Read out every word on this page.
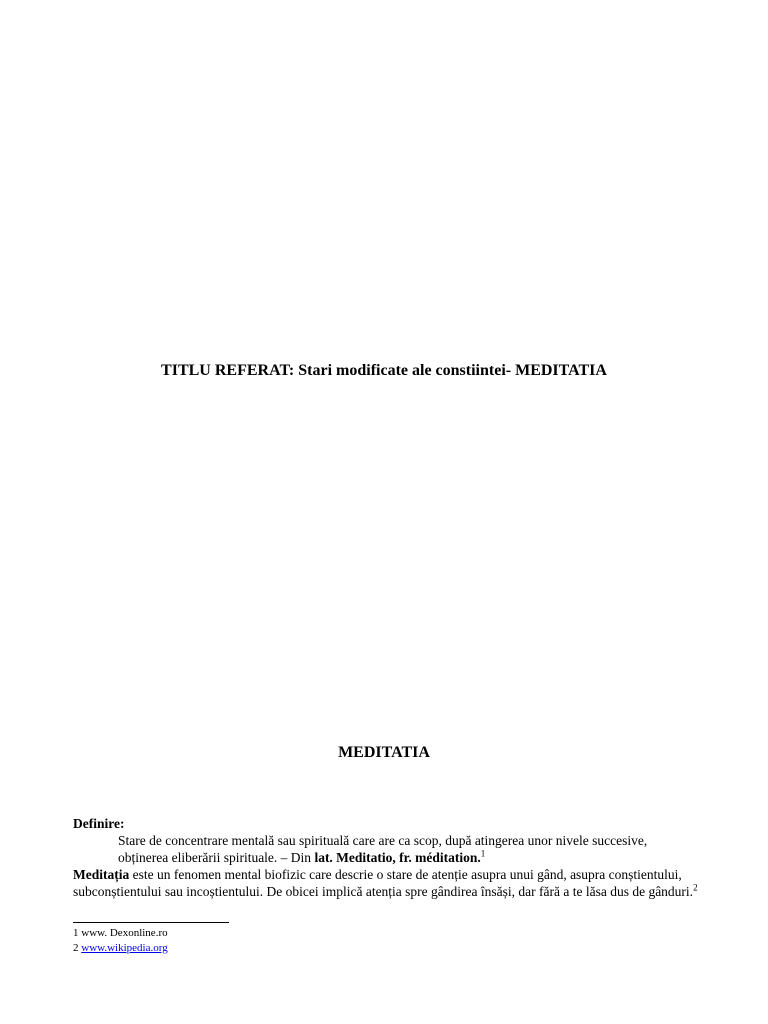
TITLU REFERAT: Stari modificate ale constiintei- MEDITATIA
MEDITATIA
Definire:
Stare de concentrare mentală sau spirituală care are ca scop, după atingerea unor nivele succesive, obținerea eliberării spirituale. – Din lat. Meditatio, fr. méditation.$^1$
Meditația este un fenomen mental biofizic care descrie o stare de atenție asupra unui gând, asupra conștientului, subconștientului sau incoștientului. De obicei implică atenția spre gândirea însăși, dar fără a te lăsa dus de gânduri.$^2$
1 www. Dexonline.ro
2 www.wikipedia.org
